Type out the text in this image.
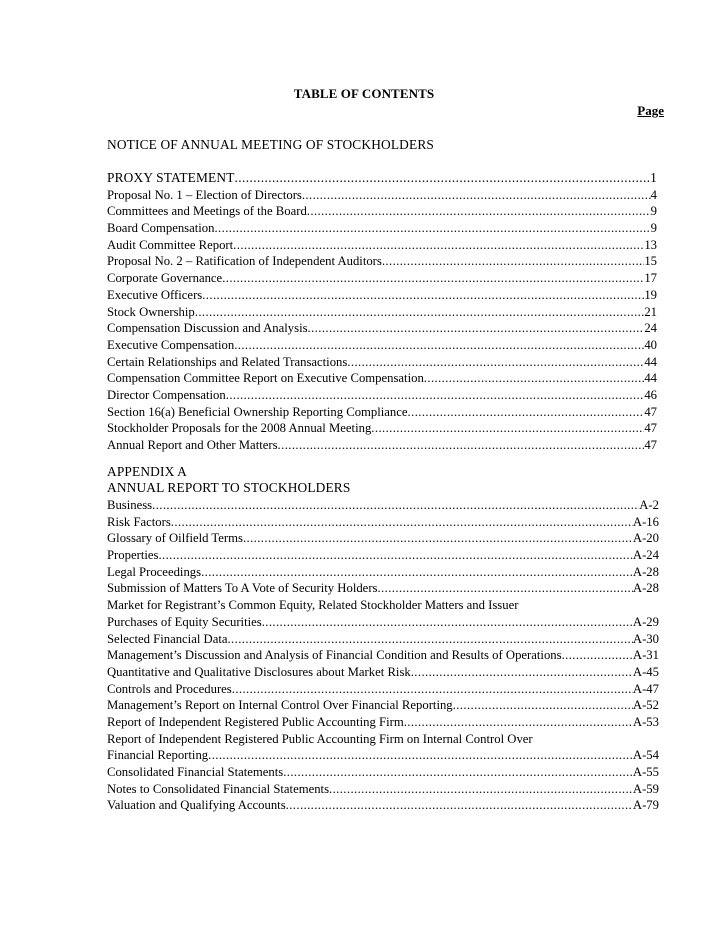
TABLE OF CONTENTS
Page
NOTICE OF ANNUAL MEETING OF STOCKHOLDERS
PROXY STATEMENT .....	1
Proposal No. 1 – Election of Directors .....	4
Committees and Meetings of the Board .....	9
Board Compensation .....	9
Audit Committee Report .....	13
Proposal No. 2 – Ratification of Independent Auditors .....	15
Corporate Governance .....	17
Executive Officers .....	19
Stock Ownership .....	21
Compensation Discussion and Analysis .....	24
Executive Compensation .....	40
Certain Relationships and Related Transactions .....	44
Compensation Committee Report on Executive Compensation .....	44
Director Compensation .....	46
Section 16(a) Beneficial Ownership Reporting Compliance .....	47
Stockholder Proposals for the 2008 Annual Meeting .....	47
Annual Report and Other Matters .....	47
APPENDIX A
ANNUAL REPORT TO STOCKHOLDERS
Business .....	A-2
Risk Factors .....	A-16
Glossary of Oilfield Terms .....	A-20
Properties .....	A-24
Legal Proceedings .....	A-28
Submission of Matters To A Vote of Security Holders .....	A-28
Market for Registrant’s Common Equity, Related Stockholder Matters and Issuer
Purchases of Equity Securities .....	A-29
Selected Financial Data .....	A-30
Management’s Discussion and Analysis of Financial Condition and Results of Operations .....	A-31
Quantitative and Qualitative Disclosures about Market Risk .....	A-45
Controls and Procedures .....	A-47
Management’s Report on Internal Control Over Financial Reporting .....	A-52
Report of Independent Registered Public Accounting Firm .....	A-53
Report of Independent Registered Public Accounting Firm on Internal Control Over
Financial Reporting .....	A-54
Consolidated Financial Statements .....	A-55
Notes to Consolidated Financial Statements .....	A-59
Valuation and Qualifying Accounts .....	A-79
